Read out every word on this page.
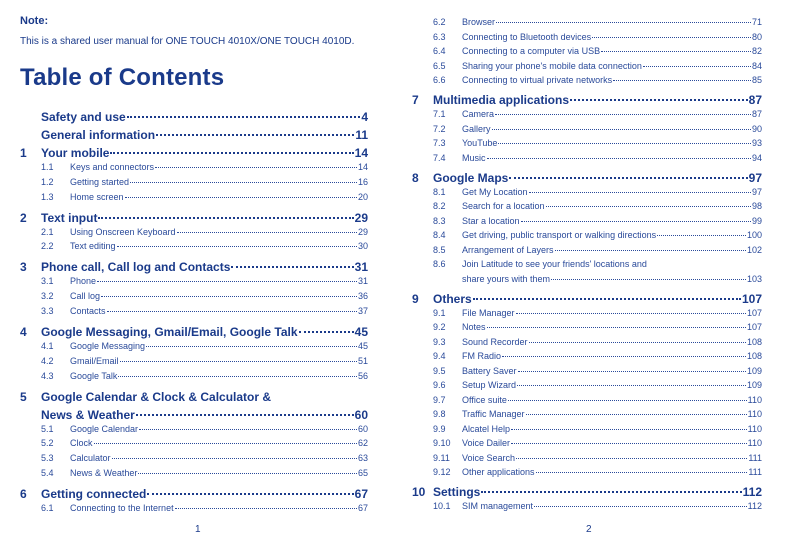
Note:
This is a shared user manual for ONE TOUCH 4010X/ONE TOUCH 4010D.
Table of Contents
Safety and use	4
General information	11
1	Your mobile	14
1.1	Keys and connectors	14
1.2	Getting started	16
1.3	Home screen	20
2	Text input	29
2.1	Using Onscreen Keyboard	29
2.2	Text editing	30
3	Phone call, Call log and Contacts	31
3.1	Phone	31
3.2	Call log	36
3.3	Contacts	37
4	Google Messaging, Gmail/Email, Google Talk	45
4.1	Google Messaging	45
4.2	Gmail/Email	51
4.3	Google Talk	56
5	Google Calendar & Clock & Calculator &
News & Weather	60
5.1	Google Calendar	60
5.2	Clock	62
5.3	Calculator	63
5.4	News & Weather	65
6	Getting connected	67
6.1	Connecting to the Internet	67
1
6.2	Browser	71
6.3	Connecting to Bluetooth devices	80
6.4	Connecting to a computer via USB	82
6.5	Sharing your phone's mobile data connection	84
6.6	Connecting to virtual private networks	85
7	Multimedia applications	87
7.1	Camera	87
7.2	Gallery	90
7.3	YouTube	93
7.4	Music	94
8	Google Maps	97
8.1	Get My Location	97
8.2	Search for a location	98
8.3	Star a location	99
8.4	Get driving, public transport or walking directions	100
8.5	Arrangement of Layers	102
8.6	Join Latitude to see your friends' locations and
share yours with them	103
9	Others	107
9.1	File Manager	107
9.2	Notes	107
9.3	Sound Recorder	108
9.4	FM Radio	108
9.5	Battery Saver	109
9.6	Setup Wizard	109
9.7	Office suite	110
9.8	Traffic Manager	110
9.9	Alcatel Help	110
9.10	Voice Dailer	110
9.11	Voice Search	111
9.12	Other applications	111
10 Settings	112
10.1	SIM management	112
2
